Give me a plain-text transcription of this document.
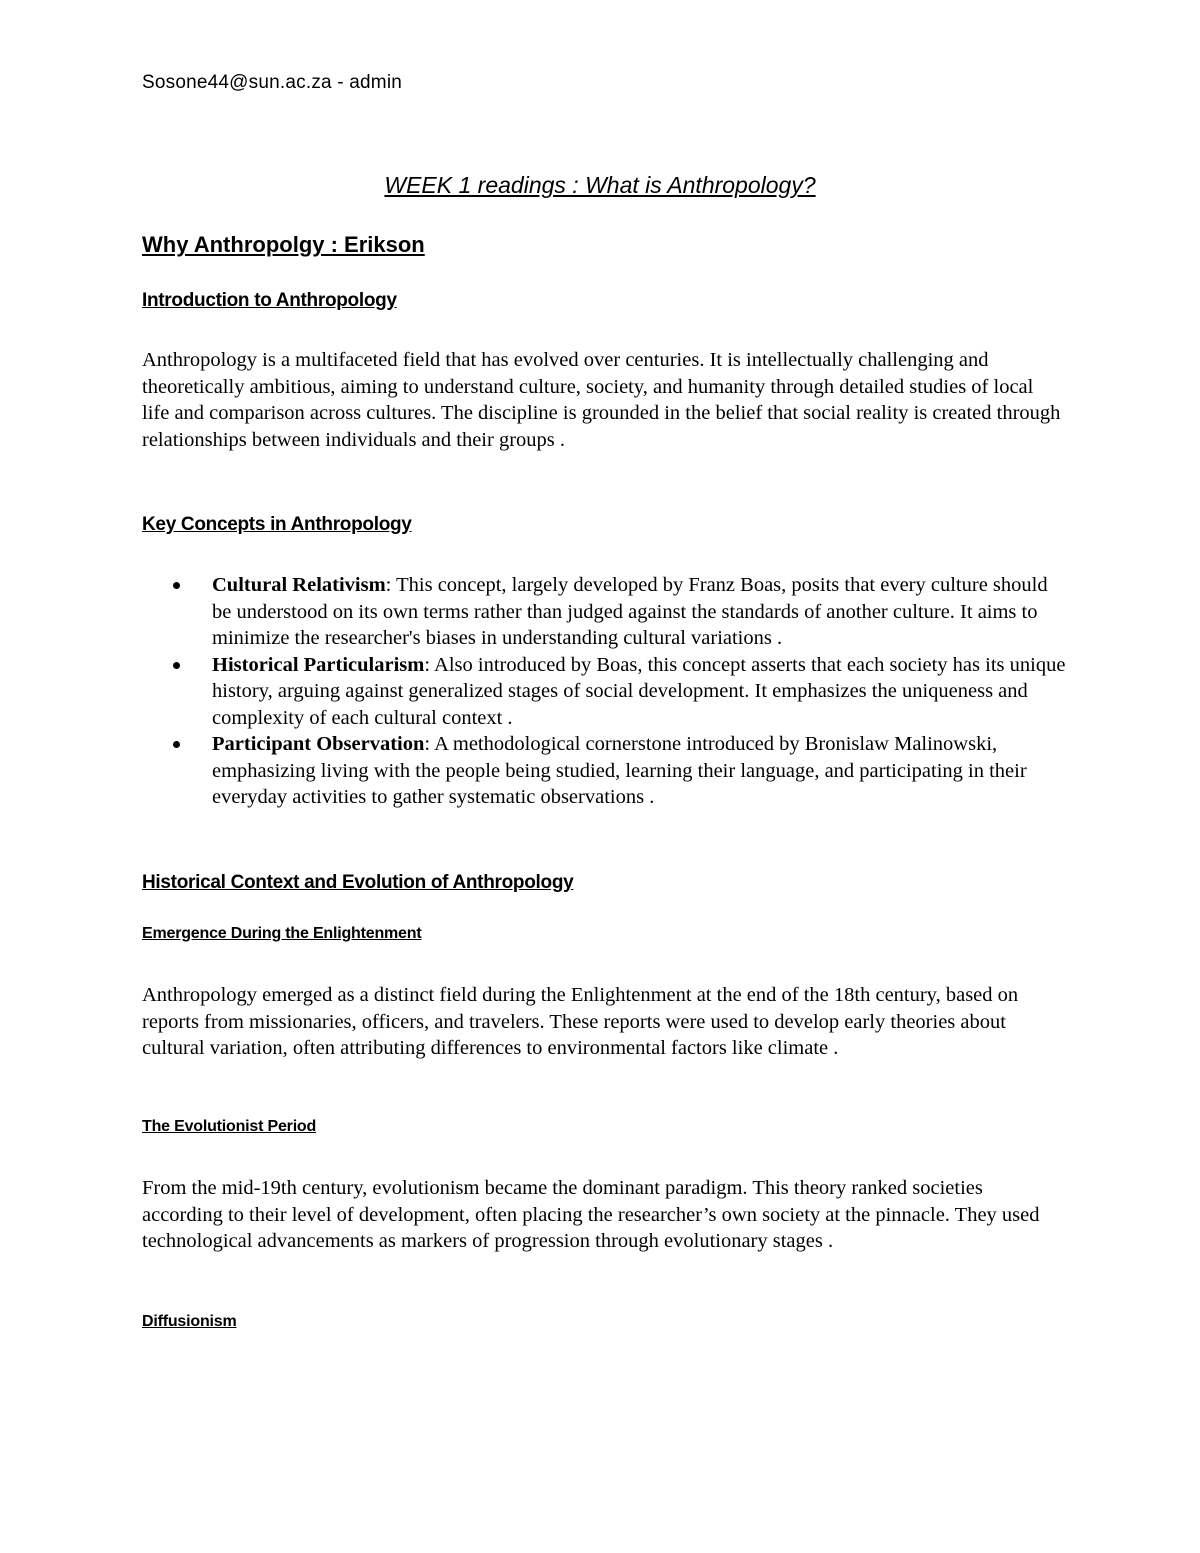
Sosone44@sun.ac.za - admin
WEEK 1 readings : What is Anthropology?
Why Anthropolgy : Erikson
Introduction to Anthropology

Anthropology is a multifaceted field that has evolved over centuries. It is intellectually challenging and theoretically ambitious, aiming to understand culture, society, and humanity through detailed studies of local life and comparison across cultures. The discipline is grounded in the belief that social reality is created through relationships between individuals and their groups .

Key Concepts in Anthropology
Cultural Relativism: This concept, largely developed by Franz Boas, posits that every culture should be understood on its own terms rather than judged against the standards of another culture. It aims to minimize the researcher's biases in understanding cultural variations .
Historical Particularism: Also introduced by Boas, this concept asserts that each society has its unique history, arguing against generalized stages of social development. It emphasizes the uniqueness and complexity of each cultural context .
Participant Observation: A methodological cornerstone introduced by Bronislaw Malinowski, emphasizing living with the people being studied, learning their language, and participating in their everyday activities to gather systematic observations .
Historical Context and Evolution of Anthropology
Emergence During the Enlightenment

Anthropology emerged as a distinct field during the Enlightenment at the end of the 18th century, based on reports from missionaries, officers, and travelers. These reports were used to develop early theories about cultural variation, often attributing differences to environmental factors like climate .

The Evolutionist Period

From the mid-19th century, evolutionism became the dominant paradigm. This theory ranked societies according to their level of development, often placing the researcher’s own society at the pinnacle. They used technological advancements as markers of progression through evolutionary stages .

Diffusionism
